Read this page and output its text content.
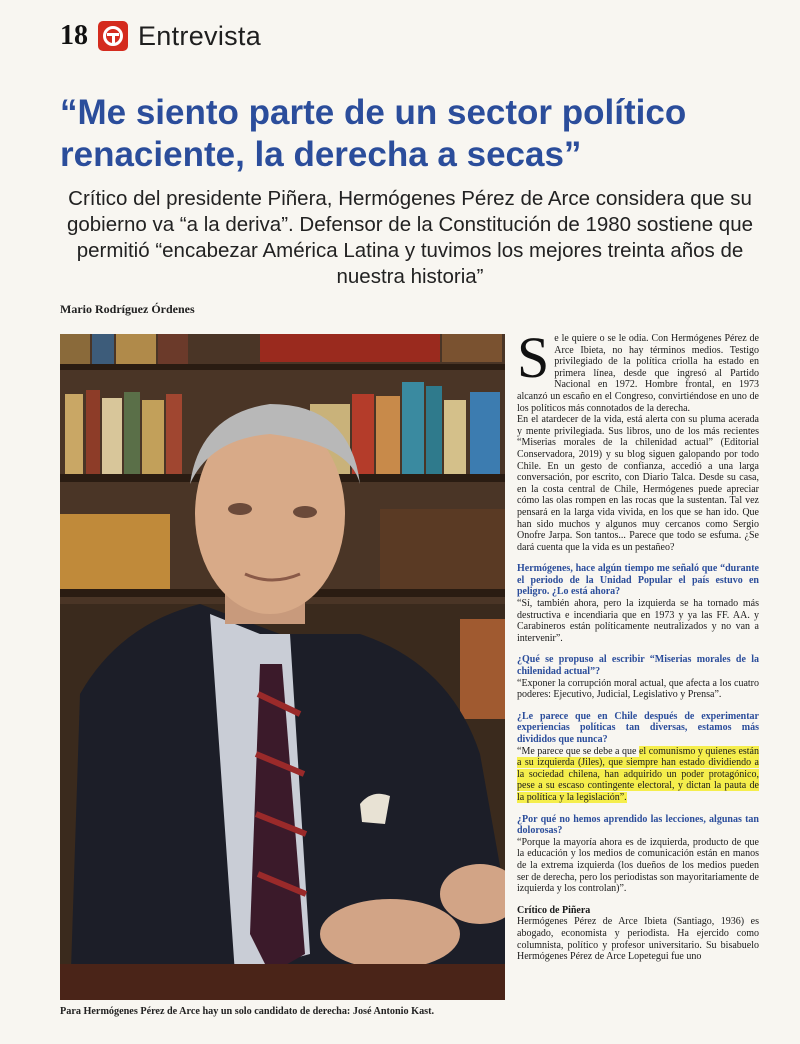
18 Entrevista
“Me siento parte de un sector político renaciente, la derecha a secas”

Crítico del presidente Piñera, Hermógenes Pérez de Arce considera que su gobierno va “a la deriva”. Defensor de la Constitución de 1980 sostiene que permitió “encabezar América Latina y tuvimos los mejores treinta años de nuestra historia”

Mario Rodríguez Órdenes

Para Hermógenes Pérez de Arce hay un solo candidato de derecha: José Antonio Kast.

Se le quiere o se le odia. Con Hermógenes Pérez de Arce Ibieta, no hay términos medios. Testigo privilegiado de la política criolla ha estado en primera línea, desde que ingresó al Partido Nacional en 1972. Hombre frontal, en 1973 alcanzó un escaño en el Congreso, convirtiéndose en uno de los políticos más connotados de la derecha.

En el atardecer de la vida, está alerta con su pluma acerada y mente privilegiada. Sus libros, uno de los más recientes “Miserias morales de la chilenidad actual” (Editorial Conservadora, 2019) y su blog siguen galopando por todo Chile. En un gesto de confianza, accedió a una larga conversación, por escrito, con Diario Talca. Desde su casa, en la costa central de Chile, Hermógenes puede apreciar cómo las olas rompen en las rocas que la sustentan. Tal vez pensará en la larga vida vivida, en los que se han ido. Que han sido muchos y algunos muy cercanos como Sergio Onofre Jarpa. Son tantos... Parece que todo se esfuma. ¿Se dará cuenta que la vida es un pestañeo?

Hermógenes, hace algún tiempo me señaló que “durante el periodo de la Unidad Popular el país estuvo en peligro. ¿Lo está ahora?

“Sí, también ahora, pero la izquierda se ha tornado más destructiva e incendiaria que en 1973 y ya las FF. AA. y Carabineros están políticamente neutralizados y no van a intervenir”.

¿Qué se propuso al escribir “Miserias morales de la chilenidad actual”?

“Exponer la corrupción moral actual, que afecta a los cuatro poderes: Ejecutivo, Judicial, Legislativo y Prensa”.

¿Le parece que en Chile después de experimentar experiencias políticas tan diversas, estamos más divididos que nunca?

“Me parece que se debe a que el comunismo y quienes están a su izquierda (Jiles), que siempre han estado dividiendo a la sociedad chilena, han adquirido un poder protagónico, pese a su escaso contingente electoral, y dictan la pauta de la política y la legislación”.

¿Por qué no hemos aprendido las lecciones, algunas tan dolorosas?

“Porque la mayoría ahora es de izquierda, producto de que la educación y los medios de comunicación están en manos de la extrema izquierda (los dueños de los medios pueden ser de derecha, pero los periodistas son mayoritariamente de izquierda y los controlan)”.

Crítico de Piñera

Hermógenes Pérez de Arce Ibieta (Santiago, 1936) es abogado, economista y periodista. Ha ejercido como columnista, político y profesor universitario. Su bisabuelo Hermógenes Pérez de Arce Lopetegui fue uno
